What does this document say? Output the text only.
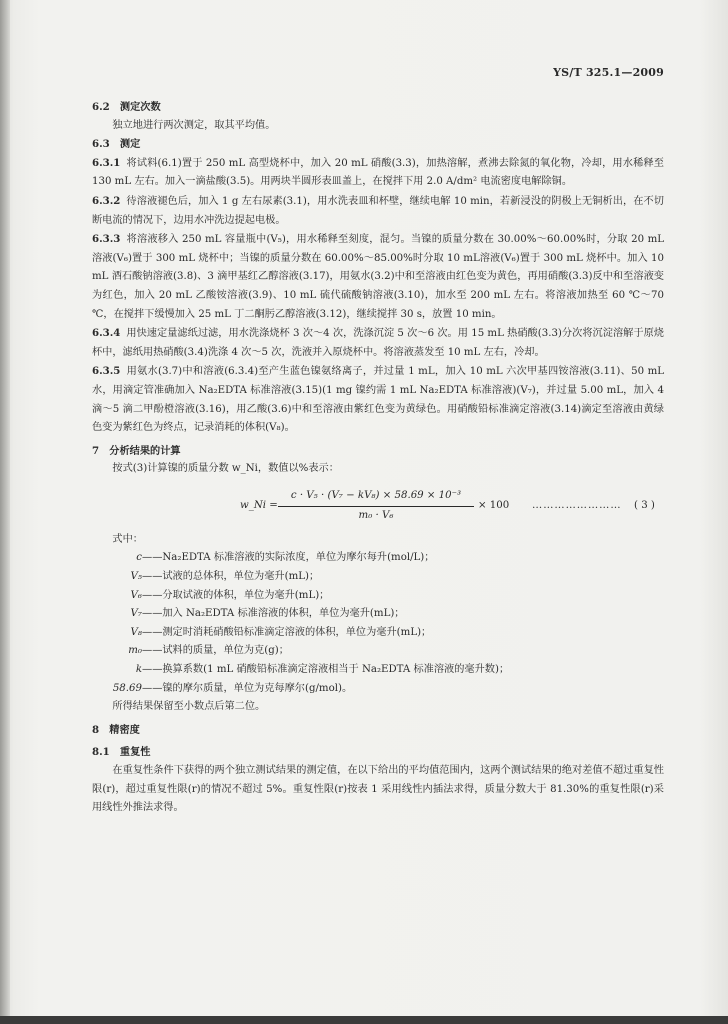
YS/T 325.1—2009

6.2　测定次数

独立地进行两次测定，取其平均值。

6.3　测定

6.3.1 将试料(6.1)置于 250 mL 高型烧杯中，加入 20 mL 硝酸(3.3)，加热溶解，煮沸去除氮的氧化物，冷却，用水稀释至 130 mL 左右。加入一滴盐酸(3.5)。用两块半圆形表皿盖上，在搅拌下用 2.0 A/dm² 电流密度电解除铜。

6.3.2 待溶液褪色后，加入 1 g 左右尿素(3.1)，用水洗表皿和杯壁，继续电解 10 min，若新浸没的阴极上无铜析出，在不切断电流的情况下，边用水冲洗边提起电极。

6.3.3 将溶液移入 250 mL 容量瓶中(V₅)，用水稀释至刻度，混匀。当镍的质量分数在 30.00%～60.00%时，分取 20 mL 溶液(V₆)置于 300 mL 烧杯中；当镍的质量分数在 60.00%～85.00%时分取 10 mL溶液(V₆)置于 300 mL 烧杯中。加入 10 mL 酒石酸钠溶液(3.8)、3 滴甲基红乙醇溶液(3.17)，用氨水(3.2)中和至溶液由红色变为黄色，再用硝酸(3.3)反中和至溶液变为红色，加入 20 mL 乙酸铵溶液(3.9)、10 mL 硫代硫酸钠溶液(3.10)，加水至 200 mL 左右。将溶液加热至 60 ℃～70 ℃，在搅拌下缓慢加入 25 mL 丁二酮肟乙醇溶液(3.12)，继续搅拌 30 s，放置 10 min。

6.3.4 用快速定量滤纸过滤，用水洗涤烧杯 3 次～4 次，洗涤沉淀 5 次～6 次。用 15 mL 热硝酸(3.3)分次将沉淀溶解于原烧杯中，滤纸用热硝酸(3.4)洗涤 4 次～5 次，洗液并入原烧杯中。将溶液蒸发至 10 mL 左右，冷却。

6.3.5 用氨水(3.7)中和溶液(6.3.4)至产生蓝色镍氨络离子，并过量 1 mL，加入 10 mL 六次甲基四铵溶液(3.11)、50 mL 水，用滴定管准确加入 Na₂EDTA 标准溶液(3.15)(1 mg 镍约需 1 mL Na₂EDTA 标准溶液)(V₇)，并过量 5.00 mL，加入 4 滴～5 滴二甲酚橙溶液(3.16)，用乙酸(3.6)中和至溶液由紫红色变为黄绿色。用硝酸铅标准滴定溶液(3.14)滴定至溶液由黄绿色变为紫红色为终点，记录消耗的体积(V₈)。

7　分析结果的计算

按式(3)计算镍的质量分数 w_Ni，数值以%表示：

w_Ni = $\frac{\text{c · V₅ · (V₇ − kV₈) × 58.69 × 10⁻³}}{\text{m₀ · V₆}} \times 100$ …………………… ( 3 )

式中：

c——Na₂EDTA 标准溶液的实际浓度，单位为摩尔每升(mol/L)；

V₅——试液的总体积，单位为毫升(mL)；

V₆——分取试液的体积，单位为毫升(mL)；

V₇——加入 Na₂EDTA 标准溶液的体积，单位为毫升(mL)；

V₈——测定时消耗硝酸铅标准滴定溶液的体积，单位为毫升(mL)；

m₀——试料的质量，单位为克(g)；

k——换算系数(1 mL 硝酸铅标准滴定溶液相当于 Na₂EDTA 标准溶液的毫升数)；

58.69——镍的摩尔质量，单位为克每摩尔(g/mol)。

所得结果保留至小数点后第二位。

8　精密度

8.1　重复性

在重复性条件下获得的两个独立测试结果的测定值，在以下给出的平均值范围内，这两个测试结果的绝对差值不超过重复性限(r)，超过重复性限(r)的情况不超过 5%。重复性限(r)按表 1 采用线性内插法求得，质量分数大于 81.30%的重复性限(r)采用线性外推法求得。
